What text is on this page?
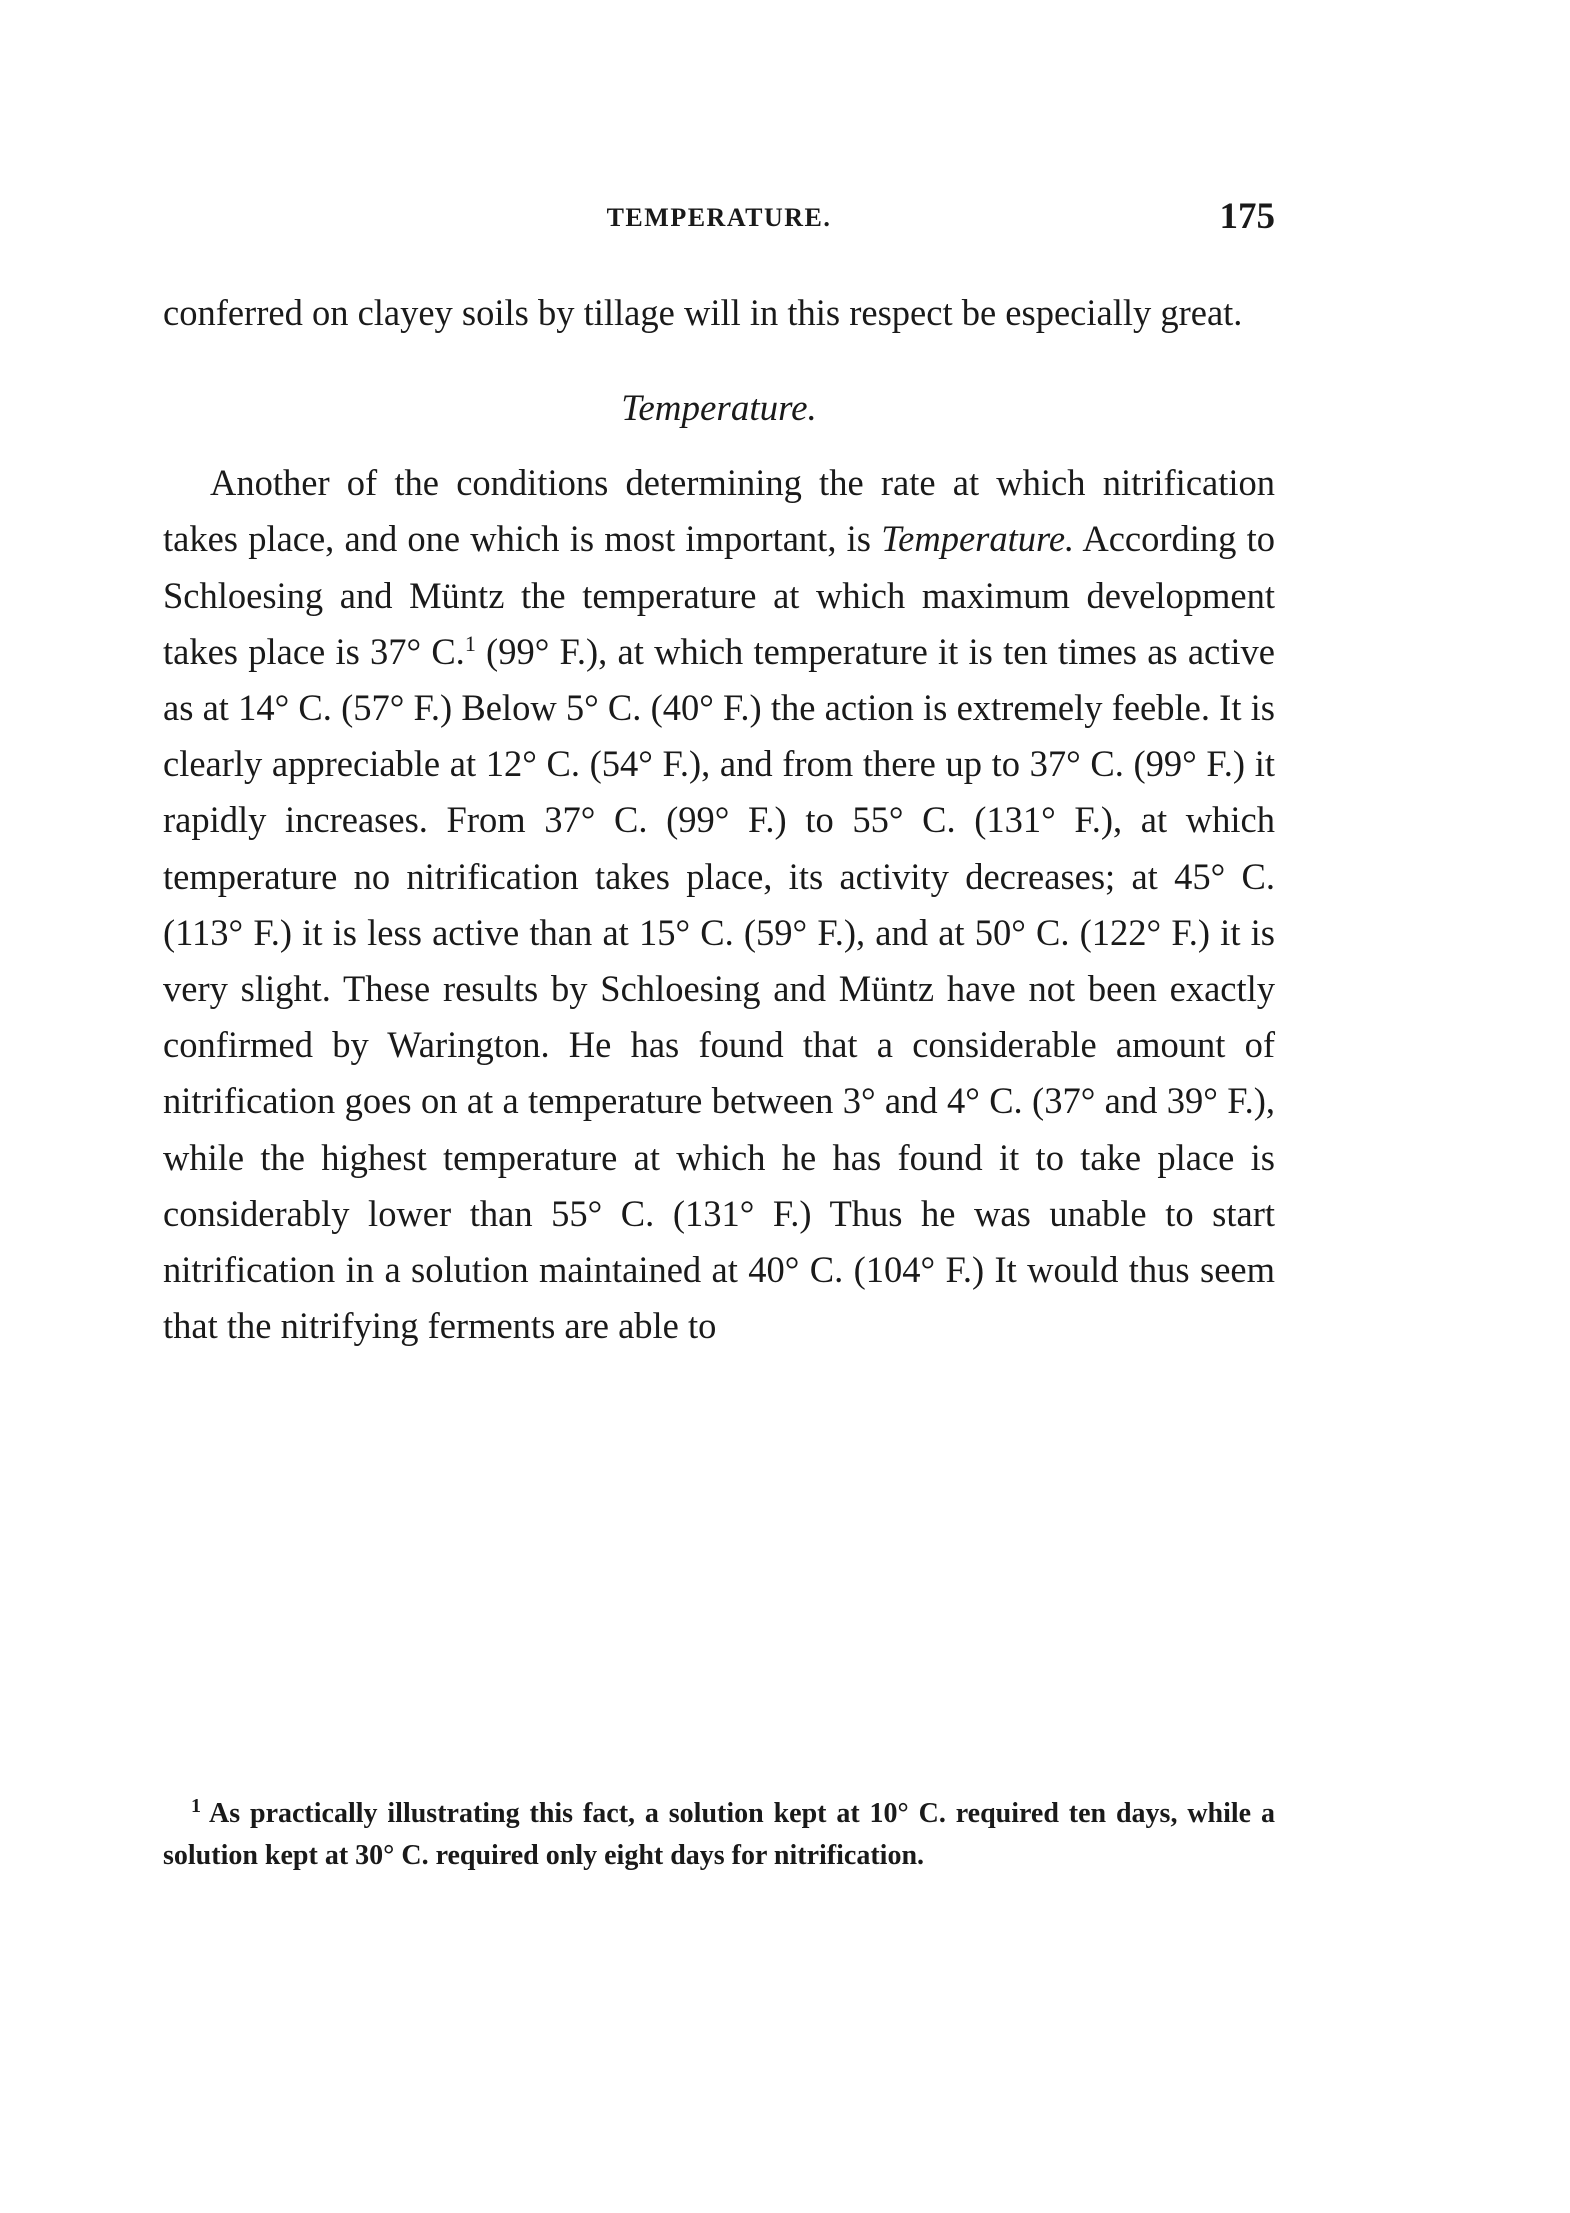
TEMPERATURE.	175

conferred on clayey soils by tillage will in this respect be especially great.

Temperature.

Another of the conditions determining the rate at which nitrification takes place, and one which is most important, is Temperature. According to Schloesing and Müntz the temperature at which maximum development takes place is 37° C.$^1$ (99° F.), at which temperature it is ten times as active as at 14° C. (57° F.) Below 5° C. (40° F.) the action is extremely feeble. It is clearly appreciable at 12° C. (54° F.), and from there up to 37° C. (99° F.) it rapidly increases. From 37° C. (99° F.) to 55° C. (131° F.), at which temperature no nitrification takes place, its activity decreases; at 45° C. (113° F.) it is less active than at 15° C. (59° F.), and at 50° C. (122° F.) it is very slight. These results by Schloesing and Müntz have not been exactly confirmed by Warington. He has found that a considerable amount of nitrification goes on at a temperature between 3° and 4° C. (37° and 39° F.), while the highest temperature at which he has found it to take place is considerably lower than 55° C. (131° F.) Thus he was unable to start nitrification in a solution maintained at 40° C. (104° F.) It would thus seem that the nitrifying ferments are able to

$^1$ As practically illustrating this fact, a solution kept at 10° C. required ten days, while a solution kept at 30° C. required only eight days for nitrification.
